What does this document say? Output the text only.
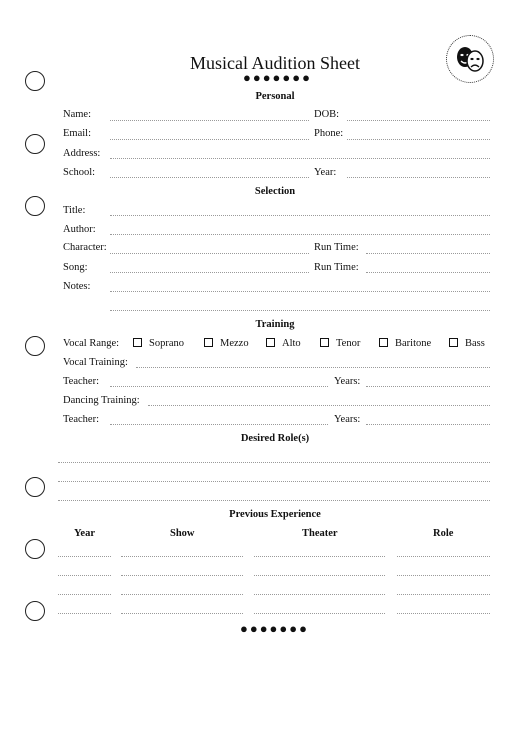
Musical Audition Sheet
●●●●●●●
Personal
Name:	DOB:
Email:	Phone:
Address:
School:	Year:
Selection
Title:
Author:
Character:	Run Time:
Song:	Run Time:
Notes:
Training
Vocal Range:	Soprano	Mezzo	Alto	Tenor	Baritone	Bass
Vocal Training:
Teacher:	Years:
Dancing Training:
Teacher:	Years:
Desired Role(s)
Previous Experience
Year	Show	Theater	Role
●●●●●●●
